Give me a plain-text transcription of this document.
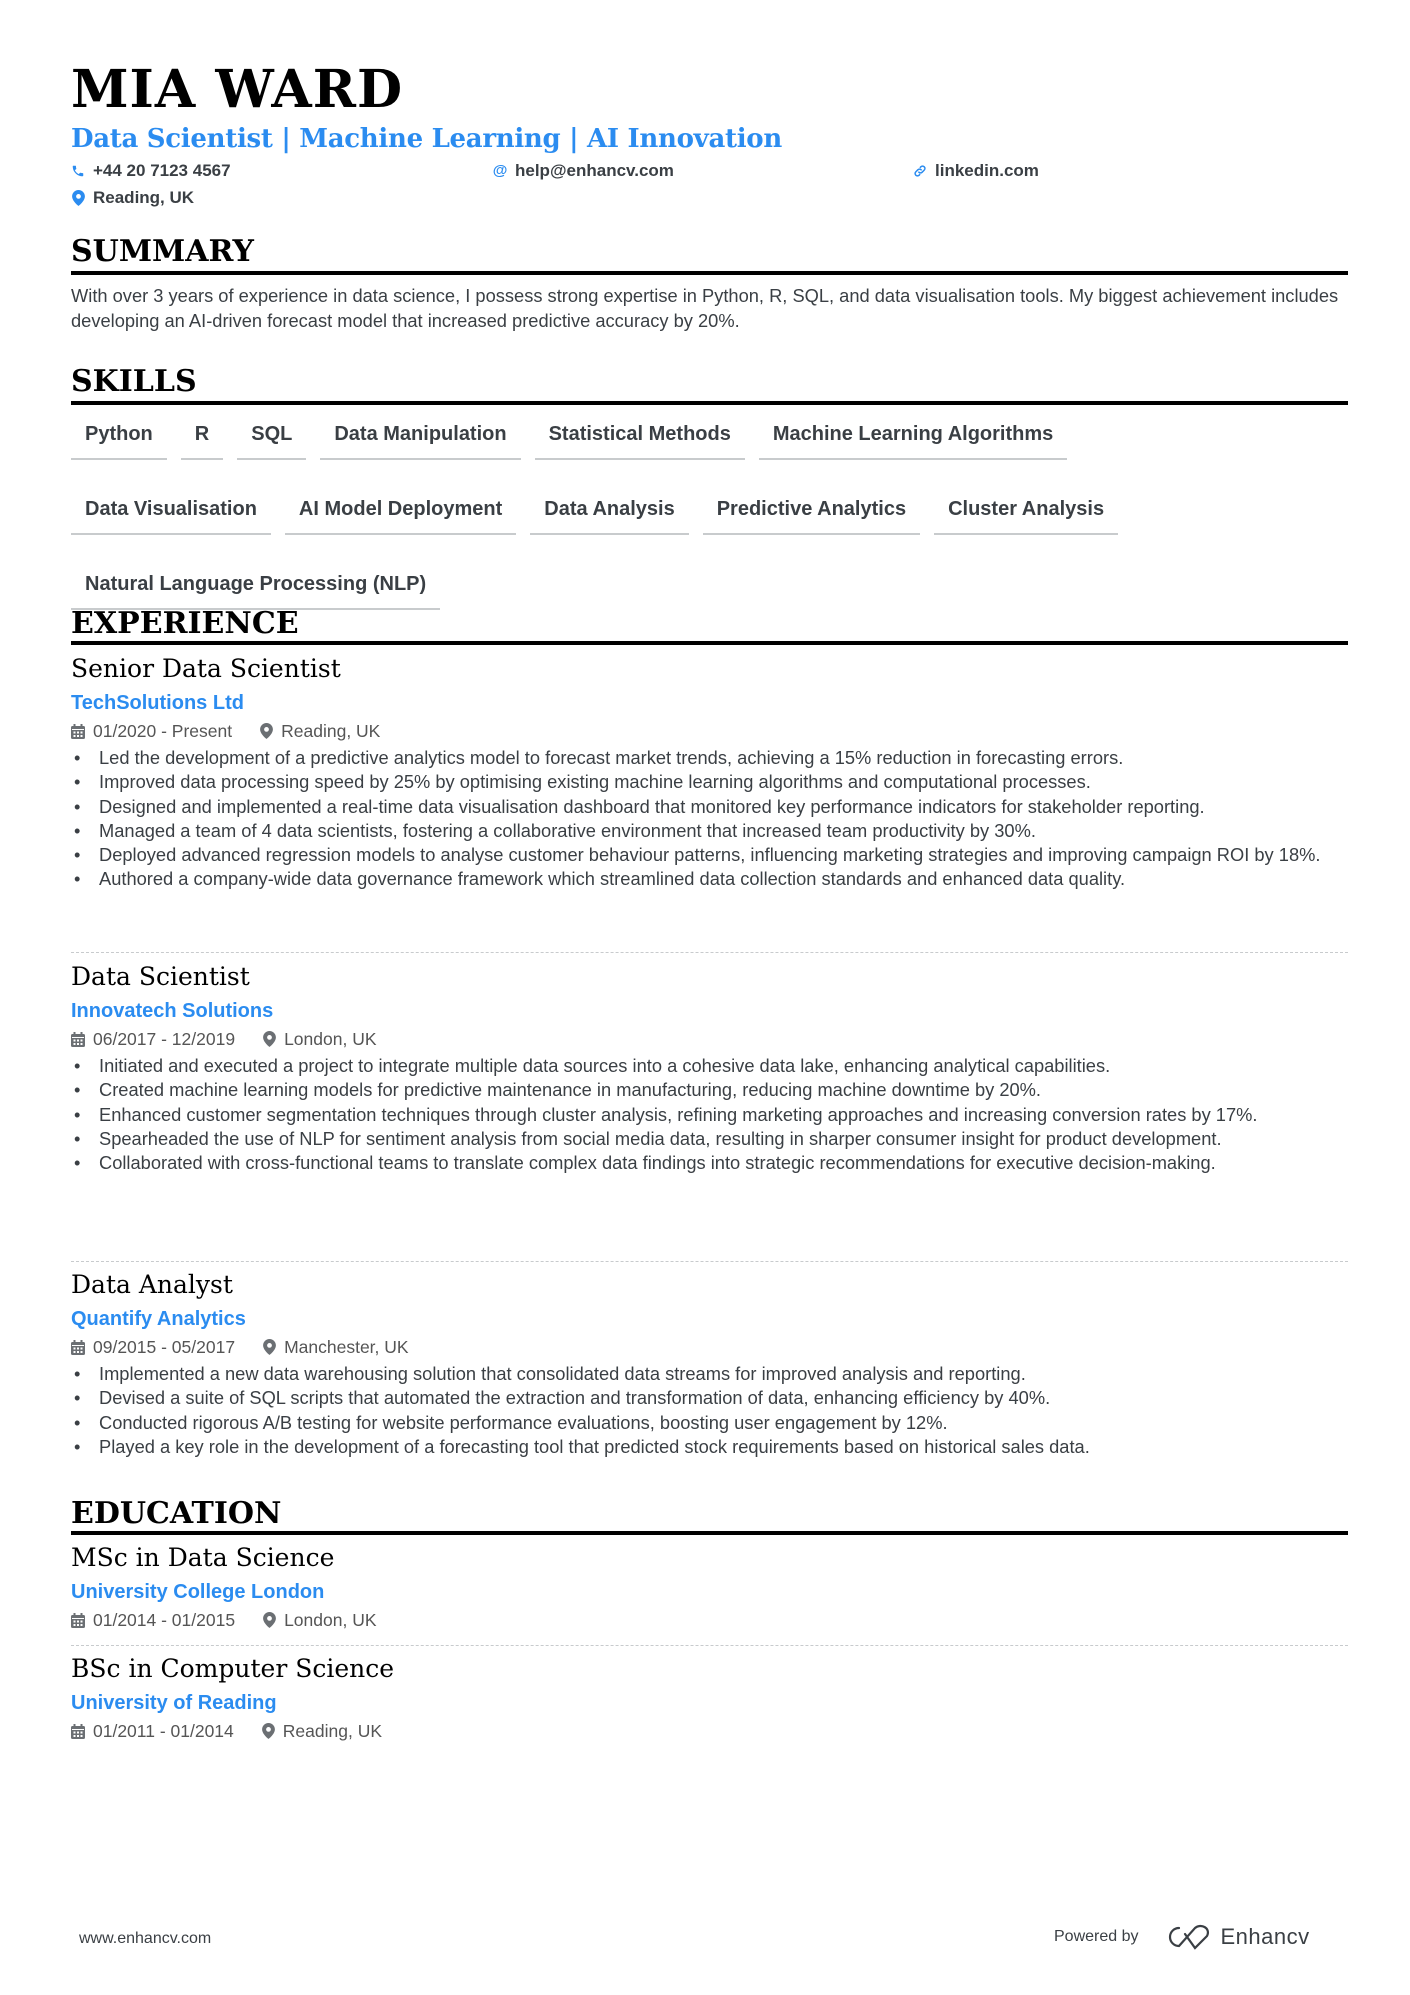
MIA WARD
Data Scientist | Machine Learning | AI Innovation
+44 20 7123 4567	@ help@enhancv.com	linkedin.com
Reading, UK
SUMMARY
With over 3 years of experience in data science, I possess strong expertise in Python, R, SQL, and data visualisation tools. My biggest achievement includes developing an AI-driven forecast model that increased predictive accuracy by 20%.
SKILLS
Python	R	SQL	Data Manipulation	Statistical Methods	Machine Learning Algorithms
Data Visualisation	AI Model Deployment	Data Analysis	Predictive Analytics	Cluster Analysis
Natural Language Processing (NLP)
EXPERIENCE
Senior Data Scientist
TechSolutions Ltd
01/2020 - Present	Reading, UK
• Led the development of a predictive analytics model to forecast market trends, achieving a 15% reduction in forecasting errors.
• Improved data processing speed by 25% by optimising existing machine learning algorithms and computational processes.
• Designed and implemented a real-time data visualisation dashboard that monitored key performance indicators for stakeholder reporting.
• Managed a team of 4 data scientists, fostering a collaborative environment that increased team productivity by 30%.
• Deployed advanced regression models to analyse customer behaviour patterns, influencing marketing strategies and improving campaign ROI by 18%.
• Authored a company-wide data governance framework which streamlined data collection standards and enhanced data quality.
Data Scientist
Innovatech Solutions
06/2017 - 12/2019	London, UK
• Initiated and executed a project to integrate multiple data sources into a cohesive data lake, enhancing analytical capabilities.
• Created machine learning models for predictive maintenance in manufacturing, reducing machine downtime by 20%.
• Enhanced customer segmentation techniques through cluster analysis, refining marketing approaches and increasing conversion rates by 17%.
• Spearheaded the use of NLP for sentiment analysis from social media data, resulting in sharper consumer insight for product development.
• Collaborated with cross-functional teams to translate complex data findings into strategic recommendations for executive decision-making.
Data Analyst
Quantify Analytics
09/2015 - 05/2017	Manchester, UK
• Implemented a new data warehousing solution that consolidated data streams for improved analysis and reporting.
• Devised a suite of SQL scripts that automated the extraction and transformation of data, enhancing efficiency by 40%.
• Conducted rigorous A/B testing for website performance evaluations, boosting user engagement by 12%.
• Played a key role in the development of a forecasting tool that predicted stock requirements based on historical sales data.
EDUCATION
MSc in Data Science
University College London
01/2014 - 01/2015	London, UK
BSc in Computer Science
University of Reading
01/2011 - 01/2014	Reading, UK
www.enhancv.com	Powered by	Enhancv
